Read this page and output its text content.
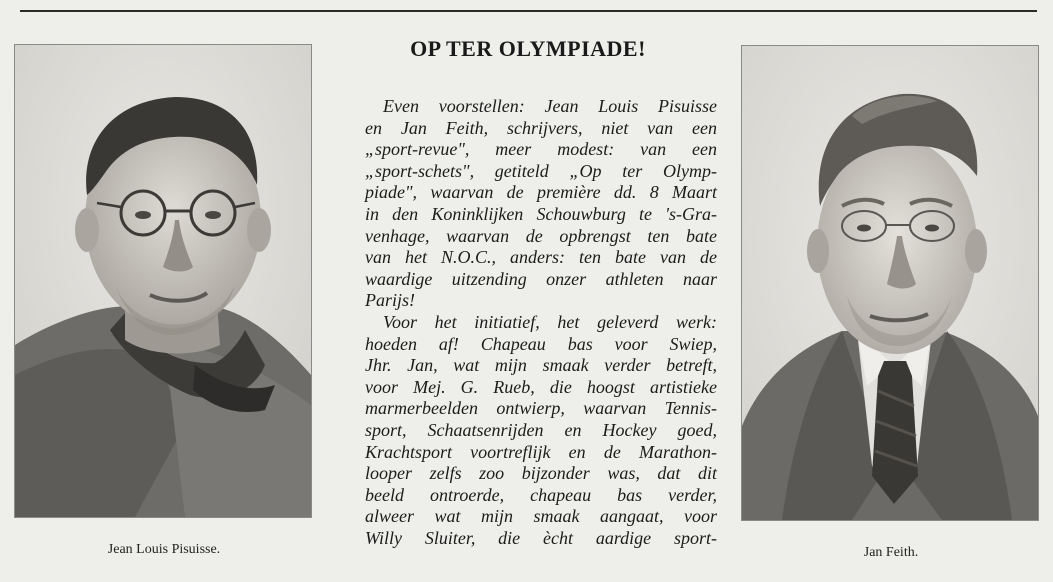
Jean Louis Pisuisse.	Jan Feith.
OP TER OLYMPIADE!
Even voorstellen: Jean Louis Pisuisse
en Jan Feith, schrijvers, niet van een
„sport-revue", meer modest: van een
„sport-schets", getiteld „Op ter Olymp-
piade", waarvan de première dd. 8 Maart
in den Koninklijken Schouwburg te 's-Gra-
venhage, waarvan de opbrengst ten bate
van het N.O.C., anders: ten bate van de
waardige uitzending onzer athleten naar
Parijs!
Voor het initiatief, het geleverd werk:
hoeden af! Chapeau bas voor Swiep,
Jhr. Jan, wat mijn smaak verder betreft,
voor Mej. G. Rueb, die hoogst artistieke
marmerbeelden ontwierp, waarvan Tennis-
sport, Schaatsenrijden en Hockey goed,
Krachtsport voortreflijk en de Marathon-
looper zelfs zoo bijzonder was, dat dit
beeld ontroerde, chapeau bas verder,
alweer wat mijn smaak aangaat, voor
Willy Sluiter, die ècht aardige sport-
